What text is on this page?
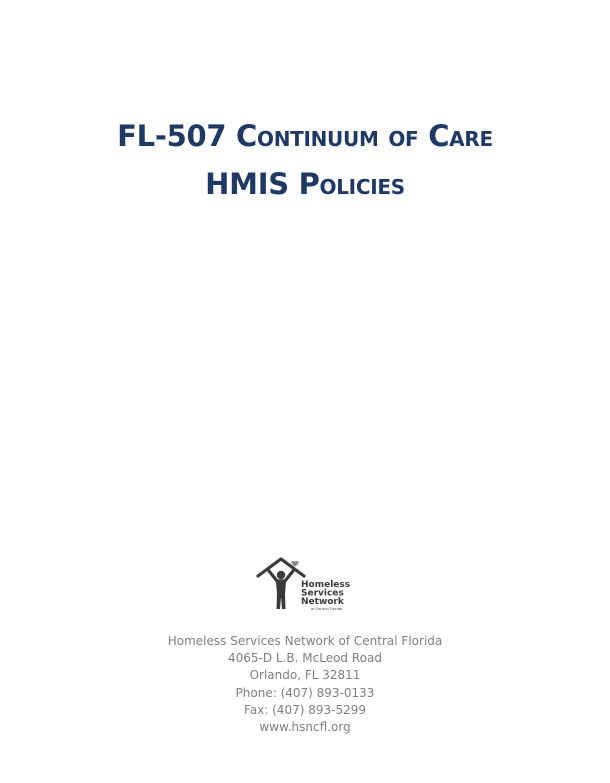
FL-507 Continuum of Care
HMIS Policies
Homeless
Services
Network
of Central Florida
Homeless Services Network of Central Florida
4065-D L.B. McLeod Road
Orlando, FL 32811
Phone: (407) 893-0133
Fax: (407) 893-5299
www.hsncfl.org
